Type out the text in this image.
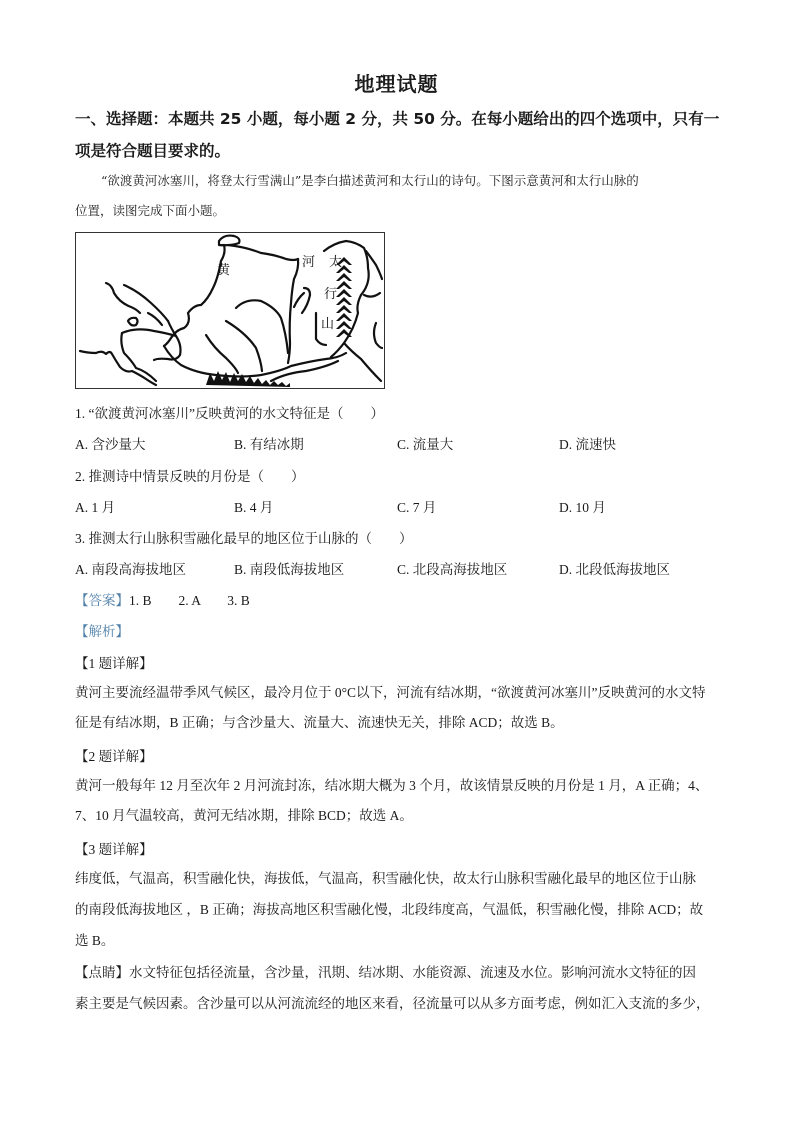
地理试题
一、选择题：本题共 25 小题，每小题 2 分，共 50 分。在每小题给出的四个选项中，只有一
项是符合题目要求的。
“欲渡黄河冰塞川，将登太行雪满山”是李白描述黄河和太行山的诗句。下图示意黄河和太行山脉的
位置，读图完成下面小题。
黄
河 太
行
山
1. “欲渡黄河冰塞川”反映黄河的水文特征是（　　）
A. 含沙量大	B. 有结冰期	C. 流量大	D. 流速快
2. 推测诗中情景反映的月份是（　　）
A. 1 月	B. 4 月	C. 7 月	D. 10 月
3. 推测太行山脉积雪融化最早的地区位于山脉的（　　）
A. 南段高海拔地区	B. 南段低海拔地区	C. 北段高海拔地区	D. 北段低海拔地区
【答案】1. B　　2. A　　3. B
【解析】
【1 题详解】
黄河主要流经温带季风气候区，最冷月位于 0°C以下，河流有结冰期，“欲渡黄河冰塞川”反映黄河的水文特
征是有结冰期，B 正确；与含沙量大、流量大、流速快无关，排除 ACD；故选 B。
【2 题详解】
黄河一般每年 12 月至次年 2 月河流封冻，结冰期大概为 3 个月，故该情景反映的月份是 1 月，A 正确；4、
7、10 月气温较高，黄河无结冰期，排除 BCD；故选 A。
【3 题详解】
纬度低，气温高，积雪融化快，海拔低，气温高，积雪融化快，故太行山脉积雪融化最早的地区位于山脉
的南段低海拔地区 ，B 正确；海拔高地区积雪融化慢，北段纬度高，气温低，积雪融化慢，排除 ACD；故
选 B。
【点睛】水文特征包括径流量，含沙量，汛期、结冰期、水能资源、流速及水位。影响河流水文特征的因
素主要是气候因素。含沙量可以从河流流经的地区来看，径流量可以从多方面考虑，例如汇入支流的多少，
